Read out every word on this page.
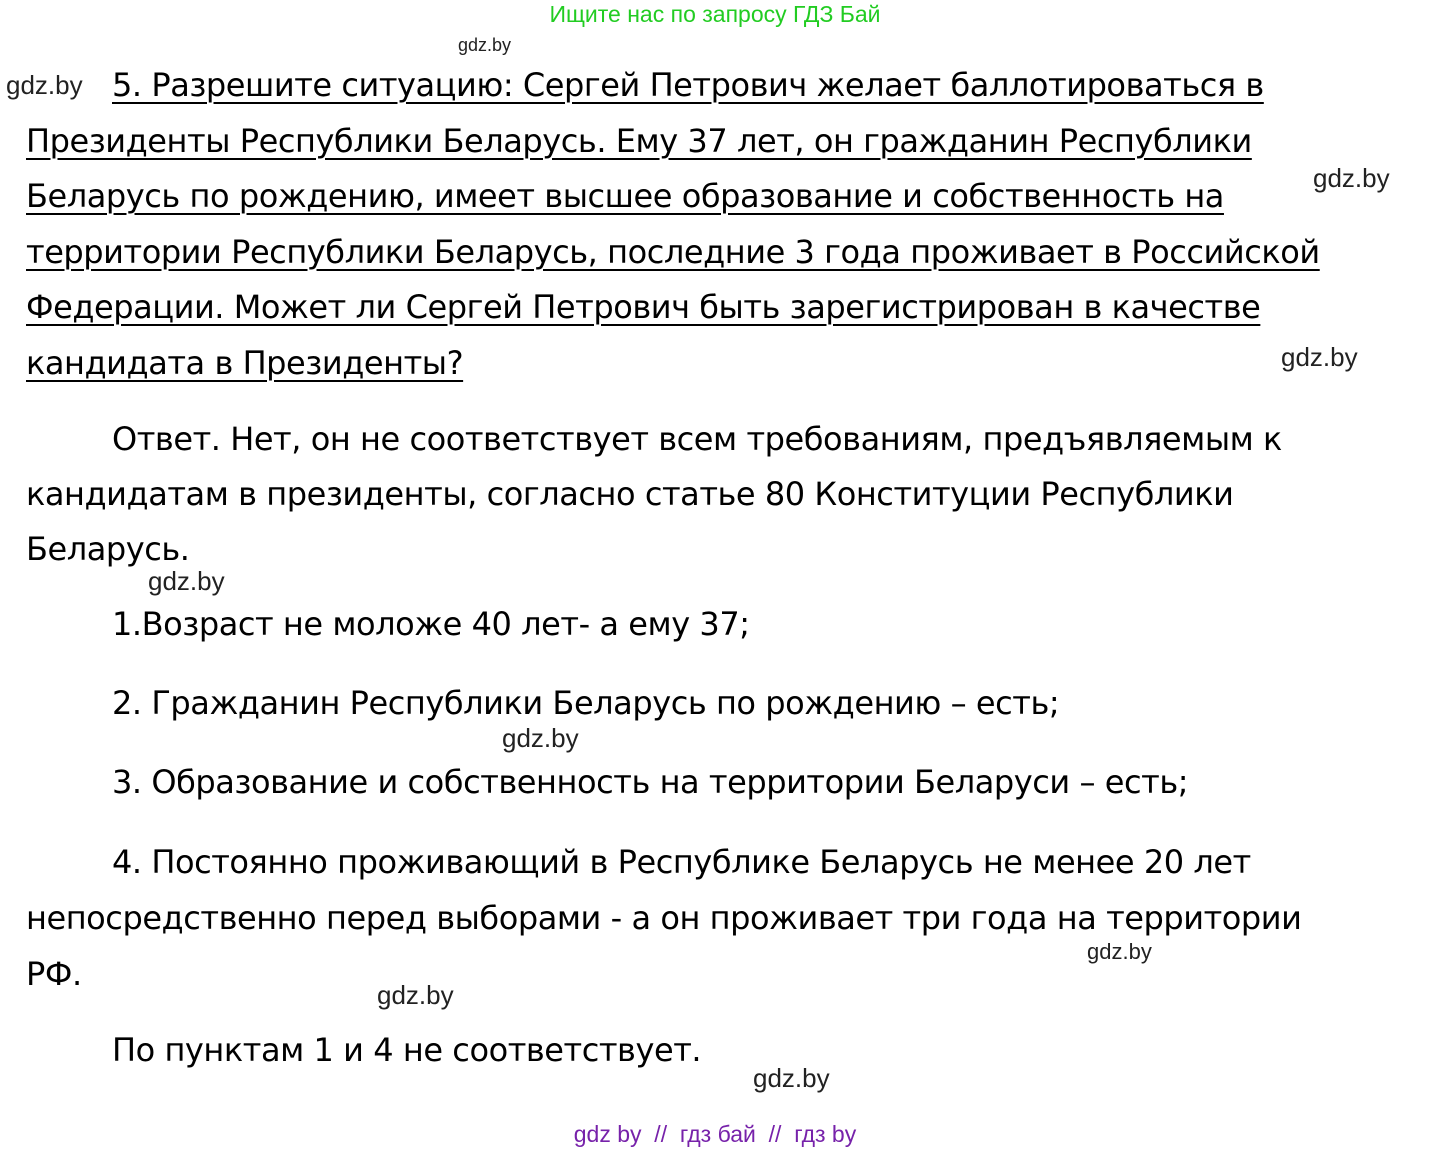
Ищите нас по запросу ГДЗ Бай
gdz.by
gdz.by
gdz.by
gdz.by
gdz.by
gdz.by
gdz.by
gdz.by
gdz.by
5. Разрешите ситуацию: Сергей Петрович желает баллотироваться в
Президенты Республики Беларусь. Ему 37 лет, он гражданин Республики
Беларусь по рождению, имеет высшее образование и собственность на
территории Республики Беларусь, последние 3 года проживает в Российской
Федерации. Может ли Сергей Петрович быть зарегистрирован в качестве
кандидата в Президенты?
Ответ. Нет, он не соответствует всем требованиям, предъявляемым к
кандидатам в президенты, согласно статье 80 Конституции Республики
Беларусь.
1.Возраст не моложе 40 лет- а ему 37;
2. Гражданин Республики Беларусь по рождению – есть;
3. Образование и собственность на территории Беларуси – есть;
4. Постоянно проживающий в Республике Беларусь не менее 20 лет
непосредственно перед выборами - а он проживает три года на территории
РФ.
По пунктам 1 и 4 не соответствует.
gdz by  //  гдз бай  //  гдз by
